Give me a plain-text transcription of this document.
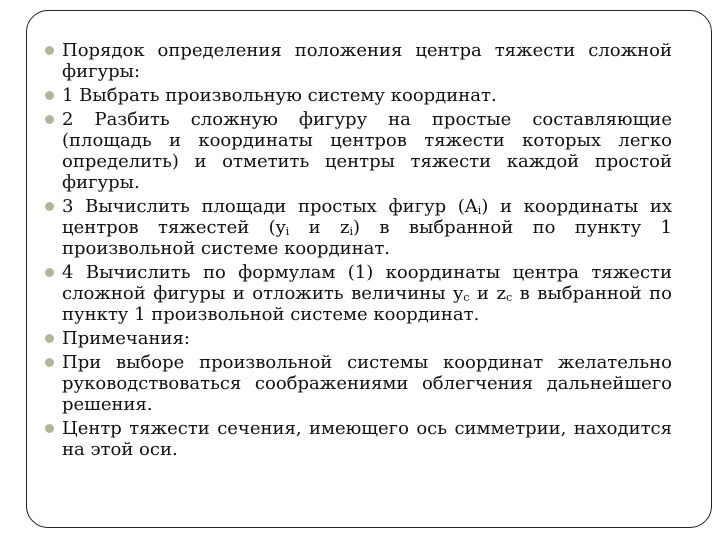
Порядок определения положения центра тяжести сложной фигуры:
1 Выбрать произвольную систему координат.
2 Разбить сложную фигуру на простые составляющие (площадь и координаты центров тяжести которых легко определить) и отметить центры тяжести каждой простой фигуры.
3 Вычислить площади простых фигур $(A_i)$ и координаты их центров тяжестей ($y_i$ и $z_i$) в выбранной по пункту 1 произвольной системе координат.
4 Вычислить по формулам (1) координаты центра тяжести сложной фигуры и отложить величины $y_c$ и $z_c$ в выбранной по пункту 1 произвольной системе координат.
Примечания:
При выборе произвольной системы координат желательно руководствоваться соображениями облегчения дальнейшего решения.
Центр тяжести сечения, имеющего ось симметрии, находится на этой оси.
